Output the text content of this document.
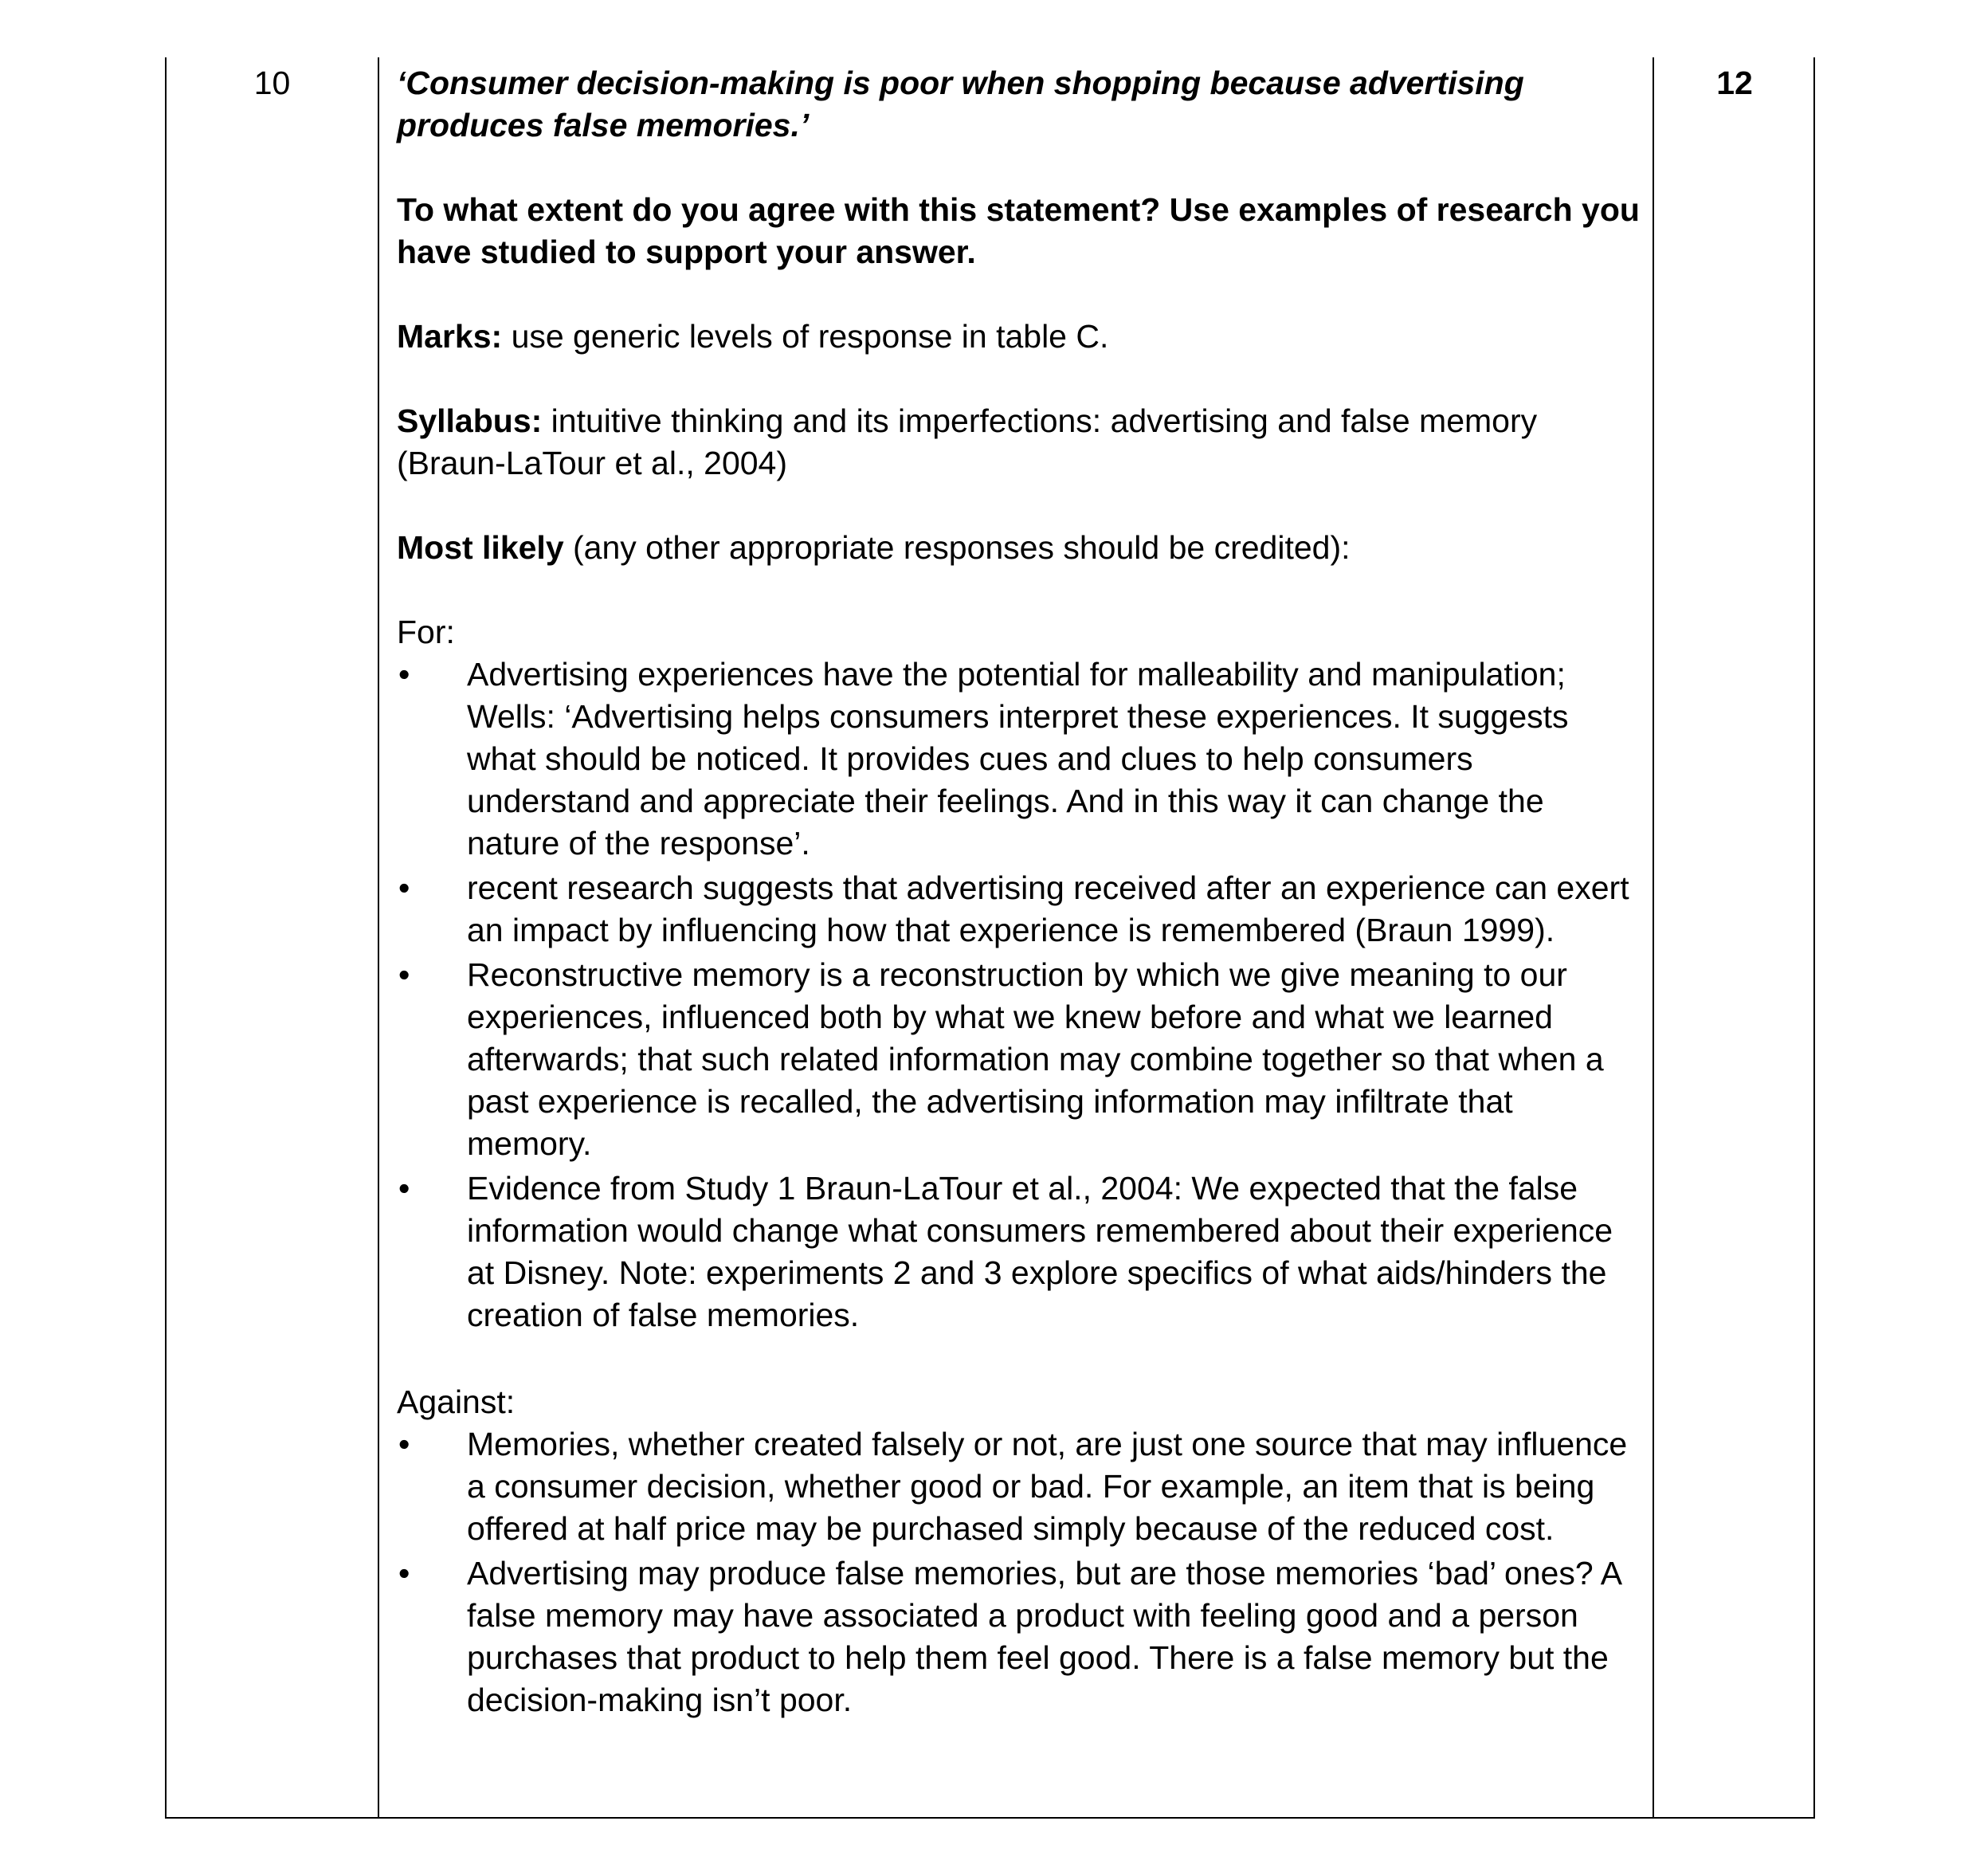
10	‘Consumer decision-making is poor when shopping because advertising produces false memories.’

To what extent do you agree with this statement? Use examples of research you have studied to support your answer.

Marks: use generic levels of response in table C.

Syllabus: intuitive thinking and its imperfections: advertising and false memory (Braun-LaTour et al., 2004)

Most likely (any other appropriate responses should be credited):

For:

• Advertising experiences have the potential for malleability and manipulation; Wells: ‘Advertising helps consumers interpret these experiences. It suggests what should be noticed. It provides cues and clues to help consumers understand and appreciate their feelings. And in this way it can change the nature of the response’.
• recent research suggests that advertising received after an experience can exert an impact by influencing how that experience is remembered (Braun 1999).
• Reconstructive memory is a reconstruction by which we give meaning to our experiences, influenced both by what we knew before and what we learned afterwards; that such related information may combine together so that when a past experience is recalled, the advertising information may infiltrate that memory.
• Evidence from Study 1 Braun-LaTour et al., 2004: We expected that the false information would change what consumers remembered about their experience at Disney. Note: experiments 2 and 3 explore specifics of what aids/hinders the creation of false memories.

Against:

• Memories, whether created falsely or not, are just one source that may influence a consumer decision, whether good or bad. For example, an item that is being offered at half price may be purchased simply because of the reduced cost.
• Advertising may produce false memories, but are those memories ‘bad’ ones? A false memory may have associated a product with feeling good and a person purchases that product to help them feel good. There is a false memory but the decision-making isn’t poor.
12
